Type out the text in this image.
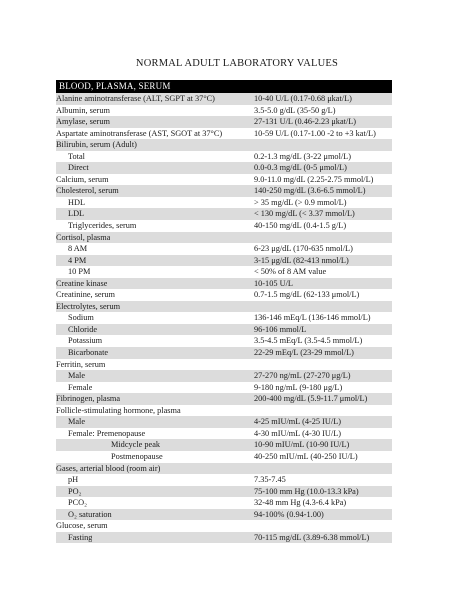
NORMAL ADULT LABORATORY VALUES
BLOOD, PLASMA, SERUM
Alanine aminotransferase (ALT, SGPT at 37°C)	10-40 U/L (0.17-0.68 μkat/L)
Albumin, serum	3.5-5.0 g/dL (35-50 g/L)
Amylase, serum	27-131 U/L (0.46-2.23 μkat/L)
Aspartate aminotransferase (AST, SGOT at 37°C)	10-59 U/L (0.17-1.00 -2 to +3 kat/L)
Bilirubin, serum (Adult)
Total	0.2-1.3 mg/dL (3-22 μmol/L)
Direct	0.0-0.3 mg/dL (0-5 μmol/L)
Calcium, serum	9.0-11.0 mg/dL (2.25-2.75 mmol/L)
Cholesterol, serum	140-250 mg/dL (3.6-6.5 mmol/L)
HDL	> 35 mg/dL (> 0.9 mmol/L)
LDL	< 130 mg/dL (< 3.37 mmol/L)
Triglycerides, serum	40-150 mg/dL (0.4-1.5 g/L)
Cortisol, plasma
8 AM	6-23 μg/dL (170-635 nmol/L)
4 PM	3-15 μg/dL (82-413 nmol/L)
10 PM	< 50% of 8 AM value
Creatine kinase	10-105 U/L
Creatinine, serum	0.7-1.5 mg/dL (62-133 μmol/L)
Electrolytes, serum
Sodium	136-146 mEq/L (136-146 mmol/L)
Chloride	96-106 mmol/L
Potassium	3.5-4.5 mEq/L (3.5-4.5 mmol/L)
Bicarbonate	22-29 mEq/L (23-29 mmol/L)
Ferritin, serum
Male	27-270 ng/mL (27-270 μg/L)
Female	9-180 ng/mL (9-180 μg/L)
Fibrinogen, plasma	200-400 mg/dL (5.9-11.7 μmol/L)
Follicle-stimulating hormone, plasma
Male	4-25 mIU/mL (4-25 IU/L)
Female: Premenopause	4-30 mIU/mL (4-30 IU/L)
Midcycle peak	10-90 mIU/mL (10-90 IU/L)
Postmenopause	40-250 mIU/mL (40-250 IU/L)
Gases, arterial blood (room air)
pH	7.35-7.45
PO₂	75-100 mm Hg (10.0-13.3 kPa)
PCO₂	32-48 mm Hg (4.3-6.4 kPa)
O₂ saturation	94-100% (0.94-1.00)
Glucose, serum
Fasting	70-115 mg/dL (3.89-6.38 mmol/L)
